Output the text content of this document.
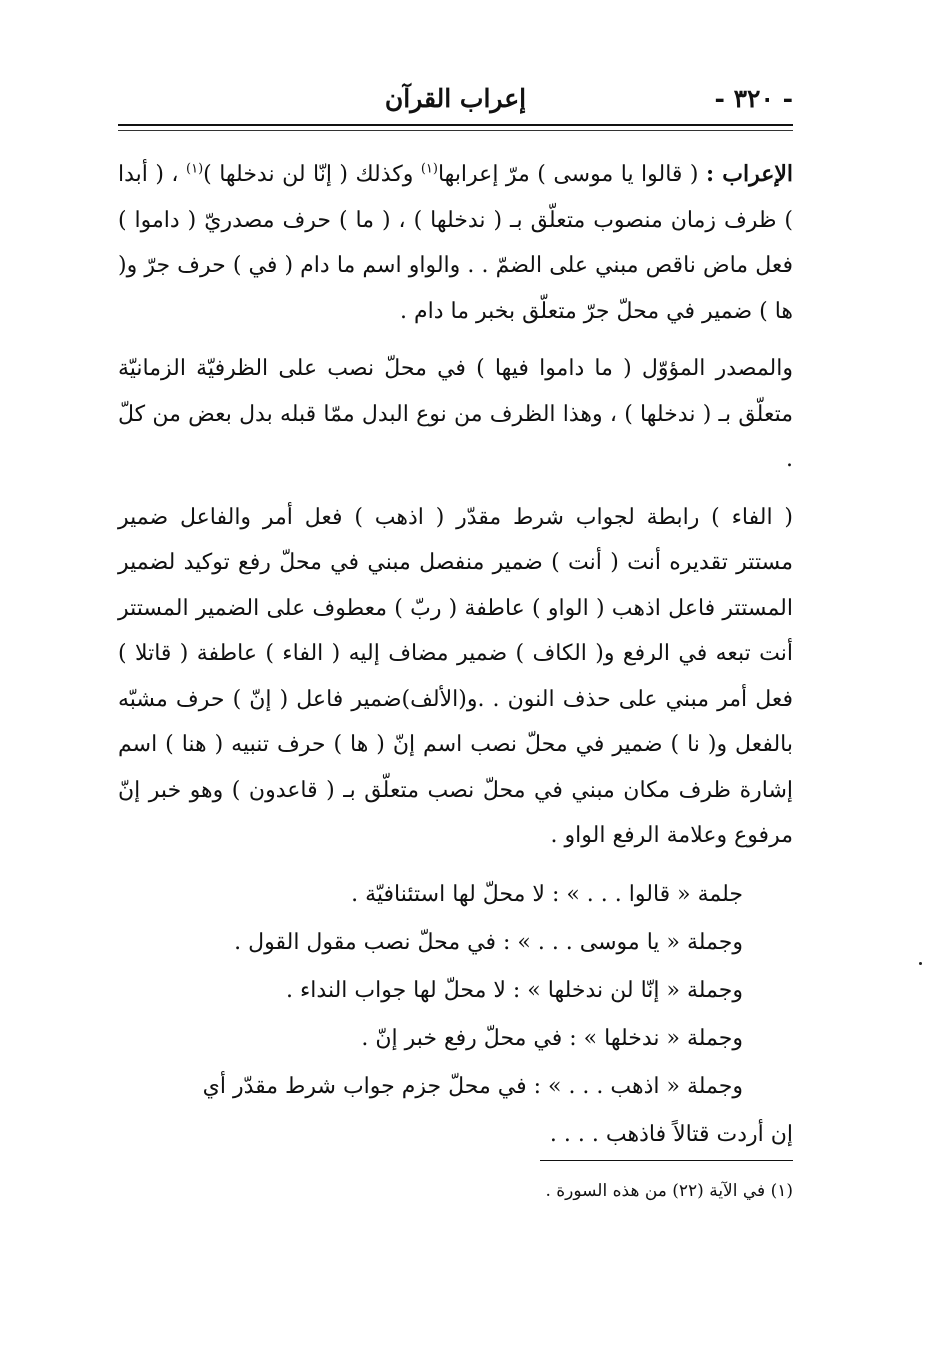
- ٣٢٠ -
إعراب القرآن

الإعراب : ( قالوا يا موسى ) مرّ إعرابها$^{(١)}$ وكذلك ( إنّا لن ندخلها )$^{(١)}$ ، ( أبدا ) ظرف زمان منصوب متعلّق بـ ( ندخلها ) ، ( ما ) حرف مصدريّ ( داموا ) فعل ماض ناقص مبني على الضمّ . . والواو اسم ما دام ( في ) حرف جرّ و( ها ) ضمير في محلّ جرّ متعلّق بخبر ما دام .

والمصدر المؤوّل ( ما داموا فيها ) في محلّ نصب على الظرفيّة الزمانيّة متعلّق بـ ( ندخلها ) ، وهذا الظرف من نوع البدل ممّا قبله بدل بعض من كلّ .

( الفاء ) رابطة لجواب شرط مقدّر ( اذهب ) فعل أمر والفاعل ضمير مستتر تقديره أنت ( أنت ) ضمير منفصل مبني في محلّ رفع توكيد لضمير المستتر فاعل اذهب ( الواو ) عاطفة ( ربّ ) معطوف على الضمير المستتر أنت تبعه في الرفع و( الكاف ) ضمير مضاف إليه ( الفاء ) عاطفة ( قاتلا ) فعل أمر مبني على حذف النون . .و(الألف)ضمير فاعل ( إنّ ) حرف مشبّه بالفعل و( نا ) ضمير في محلّ نصب اسم إنّ ( ها ) حرف تنبيه ( هنا ) اسم إشارة ظرف مكان مبني في محلّ نصب متعلّق بـ ( قاعدون ) وهو خبر إنّ مرفوع وعلامة الرفع الواو .

جلمة « قالوا . . . » : لا محلّ لها استئنافيّة .
وجملة « يا موسى . . . » : في محلّ نصب مقول القول .
وجملة « إنّا لن ندخلها » : لا محلّ لها جواب النداء .
وجملة « ندخلها » : في محلّ رفع خبر إنّ .
وجملة « اذهب . . . » : في محلّ جزم جواب شرط مقدّر أي
إن أردت قتالاً فاذهب . . . .
(١) في الآية (٢٢) من هذه السورة .
